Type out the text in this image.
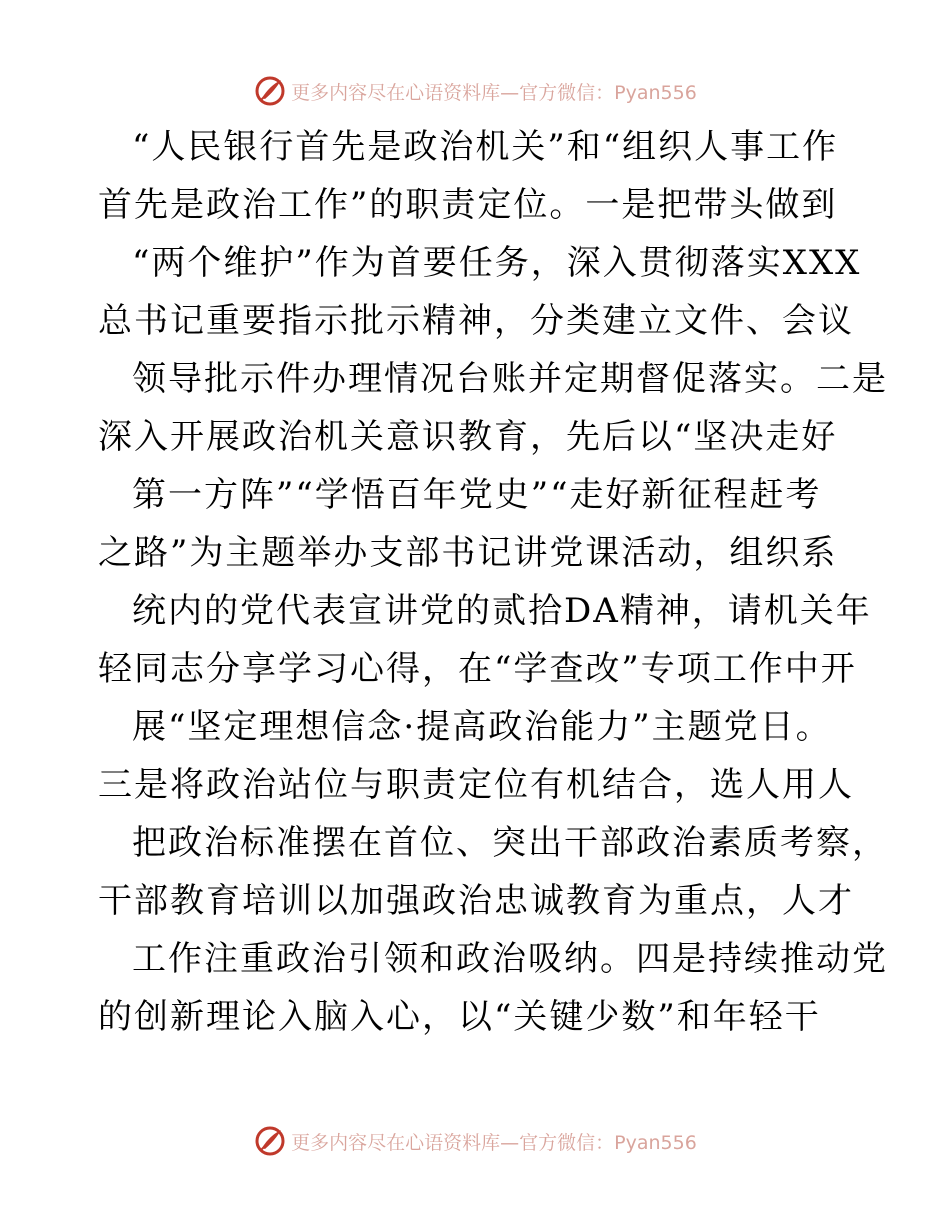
更多内容尽在心语资料库—官方微信：Pyan556
“人民银行首先是政治机关”和“组织人事工作
首先是政治工作”的职责定位。一是把带头做到
“两个维护”作为首要任务，深入贯彻落实XXX
总书记重要指示批示精神，分类建立文件、会议
领导批示件办理情况台账并定期督促落实。二是
深入开展政治机关意识教育，先后以“坚决走好
第一方阵”“学悟百年党史”“走好新征程赶考
之路”为主题举办支部书记讲党课活动，组织系
统内的党代表宣讲党的贰拾DA精神，请机关年
轻同志分享学习心得，在“学查改”专项工作中开
展“坚定理想信念·提高政治能力”主题党日。
三是将政治站位与职责定位有机结合，选人用人
把政治标准摆在首位、突出干部政治素质考察，
干部教育培训以加强政治忠诚教育为重点，人才
工作注重政治引领和政治吸纳。四是持续推动党
的创新理论入脑入心，以“关键少数”和年轻干
更多内容尽在心语资料库—官方微信：Pyan556
